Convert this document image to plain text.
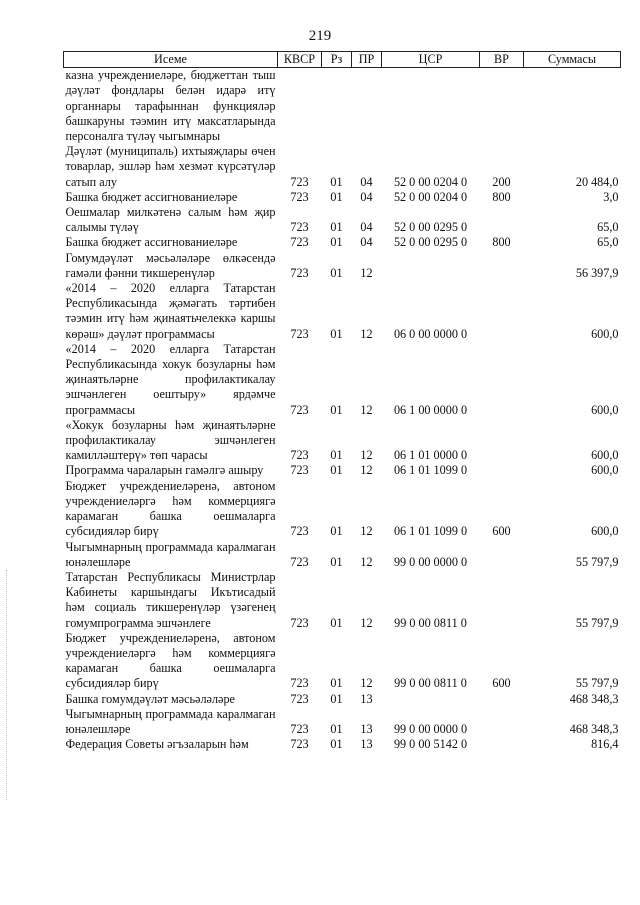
219
Исеме	КВСР	Рз	ПР	ЦСР	ВР	Суммасы
казна учреждениеләре, бюджеттан тыш дәүләт фондлары белән идарә итү органнары тарафыннан функцияләр башкаруны тәэмин итү максатларында персоналга түләү чыгымнары						
Дәүләт (муниципаль) ихтыяҗлары өчен товарлар, эшләр һәм хезмәт күрсәтүләр сатып алу	723	01	04	52 0 00 0204 0	200	20 484,0
Башка бюджет ассигнованиеләре	723	01	04	52 0 00 0204 0	800	3,0
Оешмалар милкәтенә салым һәм җир салымы түләү	723	01	04	52 0 00 0295 0		65,0
Башка бюджет ассигнованиеләре	723	01	04	52 0 00 0295 0	800	65,0
Гомумдәүләт мәсьәләләре өлкәсендә гамәли фәнни тикшеренүләр	723	01	12			56 397,9
«2014 – 2020 елларга Татарстан Республикасында җәмәгать тәртибен тәэмин итү һәм җинаятьчелеккә каршы көрәш» дәүләт программасы	723	01	12	06 0 00 0000 0		600,0
«2014 – 2020 елларга Татарстан Республикасында хокук бозуларны һәм җинаятьләрне профилактикалау эшчәнлеген оештыру» ярдәмче программасы	723	01	12	06 1 00 0000 0		600,0
«Хокук бозуларны һәм җинаятьләрне профилактикалау эшчәнлеген камилләштерү» төп чарасы	723	01	12	06 1 01 0000 0		600,0
Программа чараларын гамәлгә ашыру	723	01	12	06 1 01 1099 0		600,0
Бюджет учреждениеләренә, автоном учреждениеләргә һәм коммерциягә карамаган башка оешмаларга субсидияләр бирү	723	01	12	06 1 01 1099 0	600	600,0
Чыгымнарның программада каралмаган юнәлешләре	723	01	12	99 0 00 0000 0		55 797,9
Татарстан Республикасы Министрлар Кабинеты каршындагы Икътисадый һәм социаль тикшеренүләр үзәгенең гомумпрограмма эшчәнлеге	723	01	12	99 0 00 0811 0		55 797,9
Бюджет учреждениеләренә, автоном учреждениеләргә һәм коммерциягә карамаган башка оешмаларга субсидияләр бирү	723	01	12	99 0 00 0811 0	600	55 797,9
Башка гомумдәүләт мәсьәләләре	723	01	13			468 348,3
Чыгымнарның программада каралмаган юнәлешләре	723	01	13	99 0 00 0000 0		468 348,3
Федерация Советы әгъзаларын һәм	723	01	13	99 0 00 5142 0		816,4
